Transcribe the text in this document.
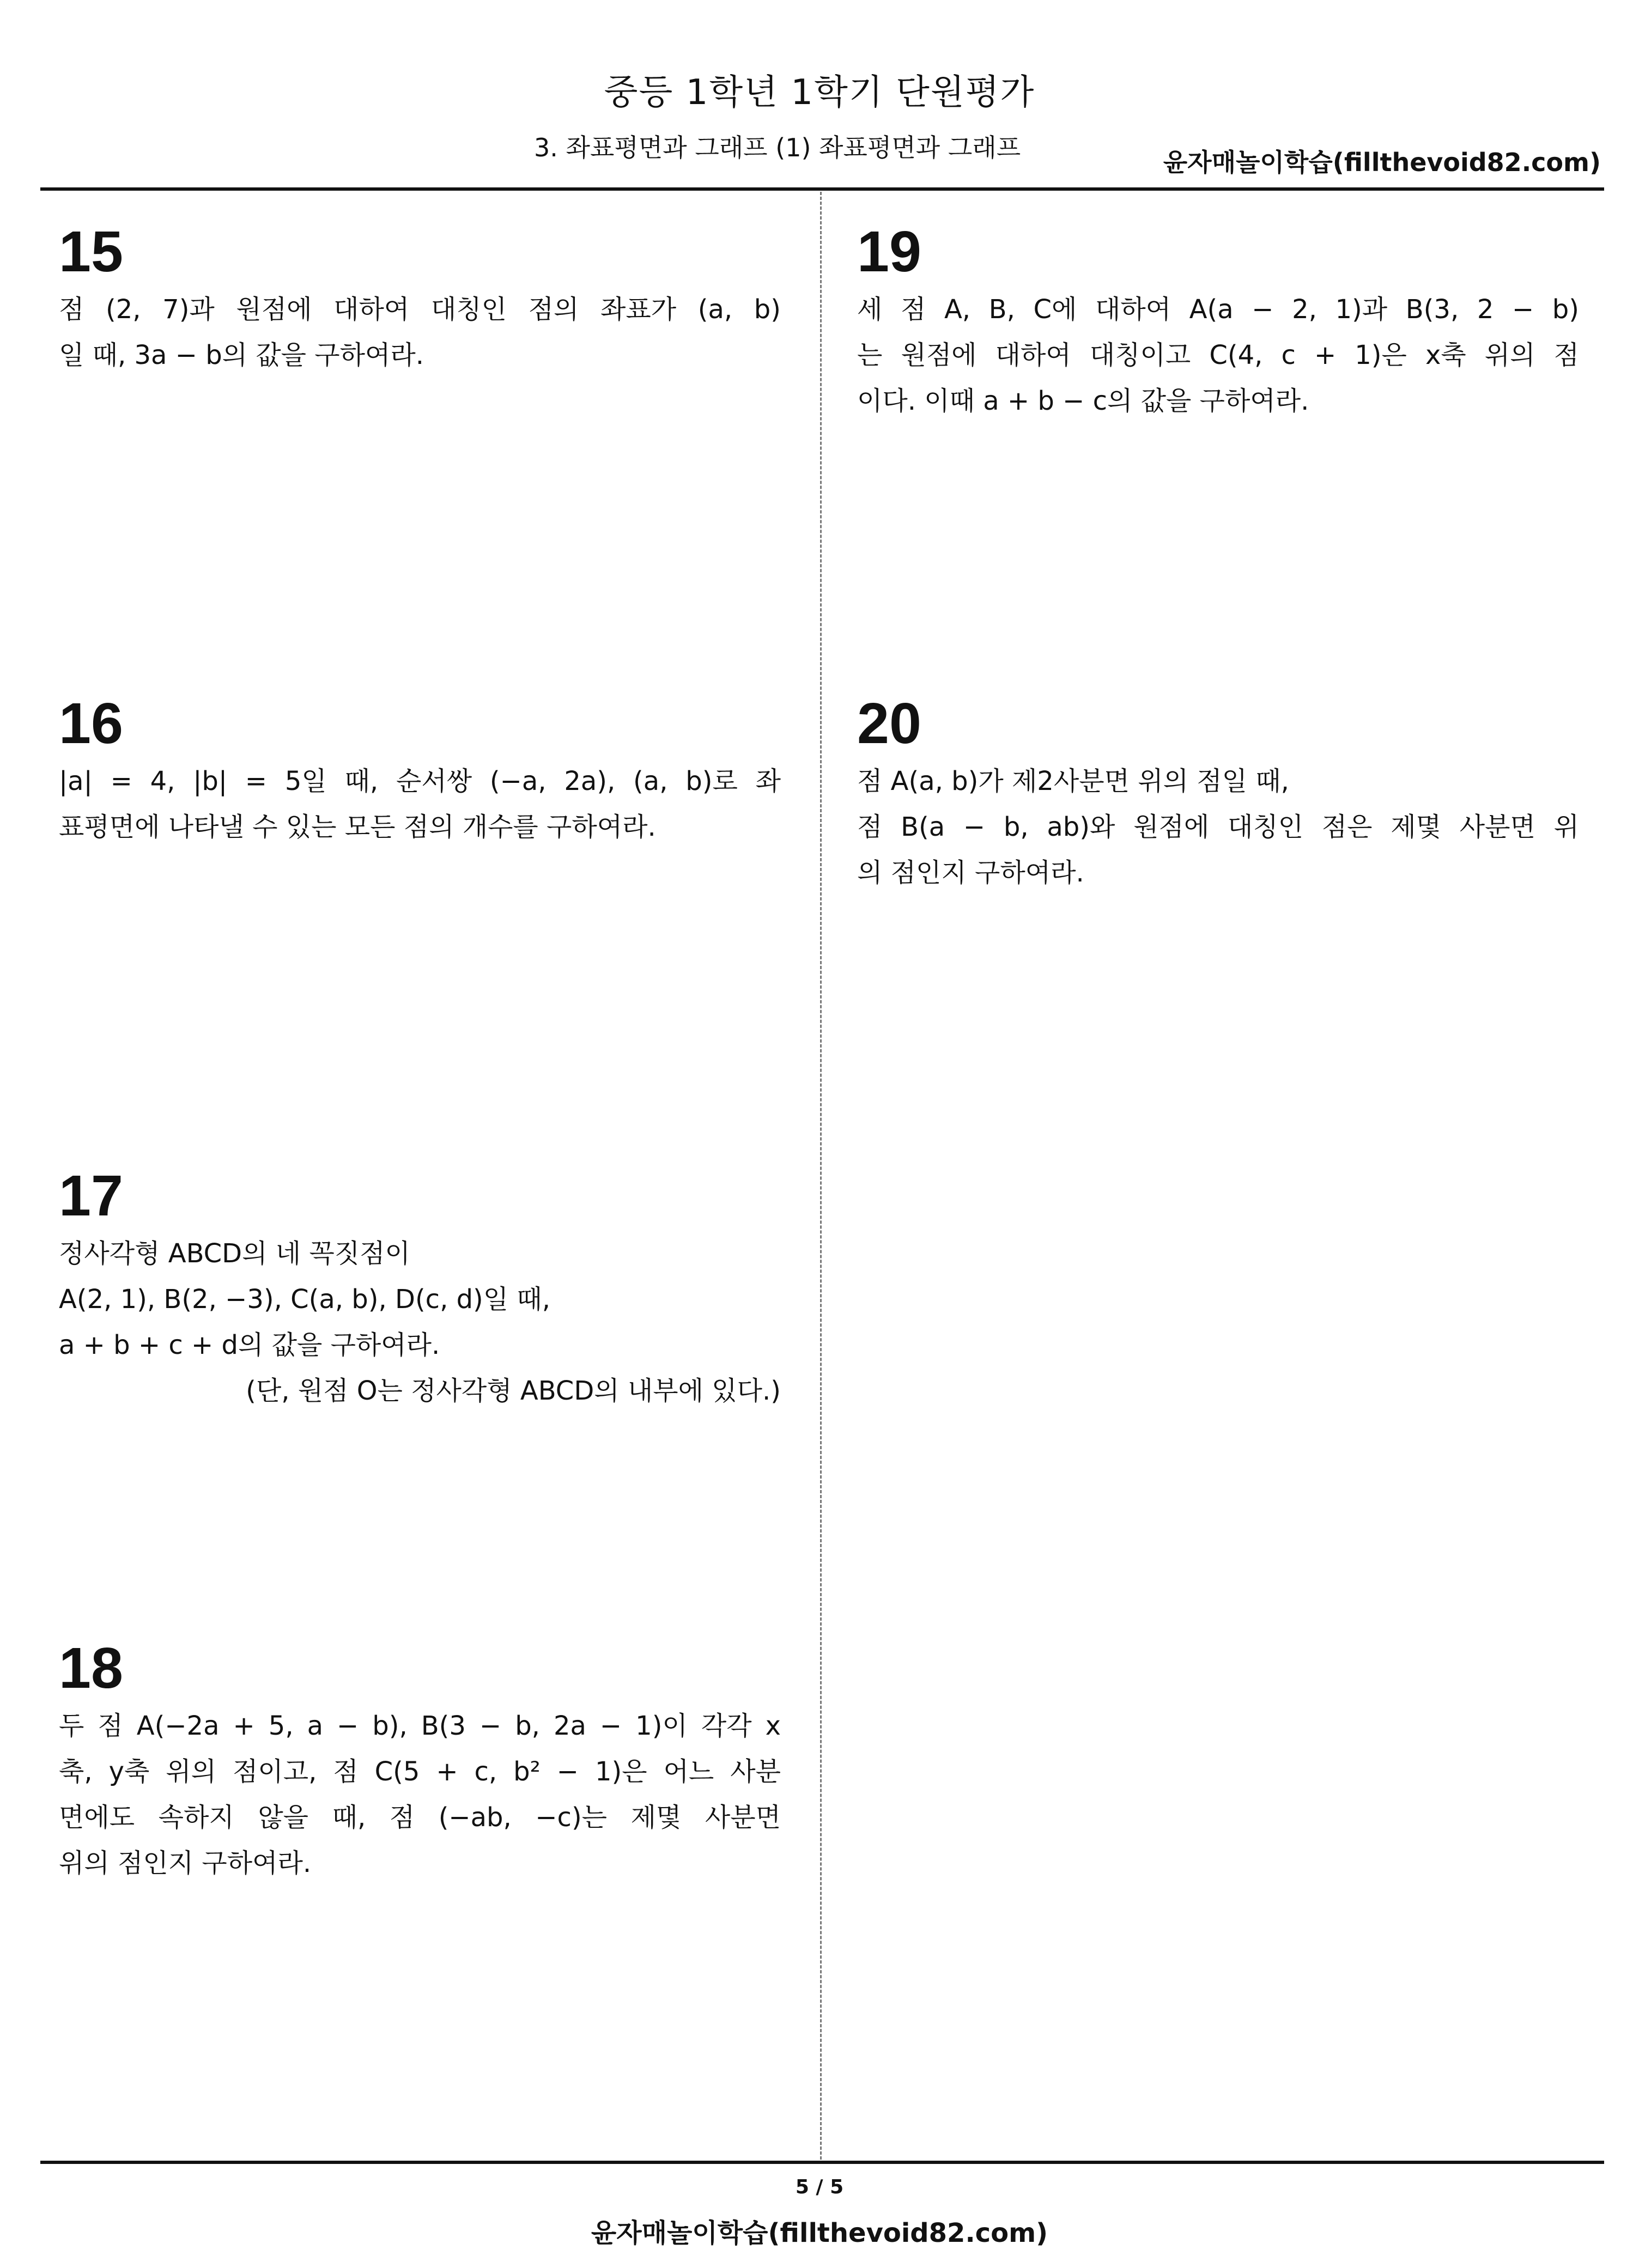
중등 1학년 1학기 단원평가
3. 좌표평면과 그래프 (1) 좌표평면과 그래프	윤자매놀이학습(fillthevoid82.com)
15
점 (2, 7)과 원점에 대하여 대칭인 점의 좌표가 (a, b)
일 때, 3a − b의 값을 구하여라.
16
|a| = 4, |b| = 5일 때, 순서쌍 (−a, 2a), (a, b)로 좌
표평면에 나타낼 수 있는 모든 점의 개수를 구하여라.
17
정사각형 ABCD의 네 꼭짓점이
A(2, 1), B(2, −3), C(a, b), D(c, d)일 때,
a + b + c + d의 값을 구하여라.
(단, 원점 O는 정사각형 ABCD의 내부에 있다.)
18
두 점 A(−2a + 5, a − b), B(3 − b, 2a − 1)이 각각 x
축, y축 위의 점이고, 점 C(5 + c, b² − 1)은 어느 사분
면에도 속하지 않을 때, 점 (−ab, −c)는 제몇 사분면
위의 점인지 구하여라.
19
세 점 A, B, C에 대하여 A(a − 2, 1)과 B(3, 2 − b)
는 원점에 대하여 대칭이고 C(4, c + 1)은 x축 위의 점
이다. 이때 a + b − c의 값을 구하여라.
20
점 A(a, b)가 제2사분면 위의 점일 때,
점 B(a − b, ab)와 원점에 대칭인 점은 제몇 사분면 위
의 점인지 구하여라.
5 / 5
윤자매놀이학습(fillthevoid82.com)
